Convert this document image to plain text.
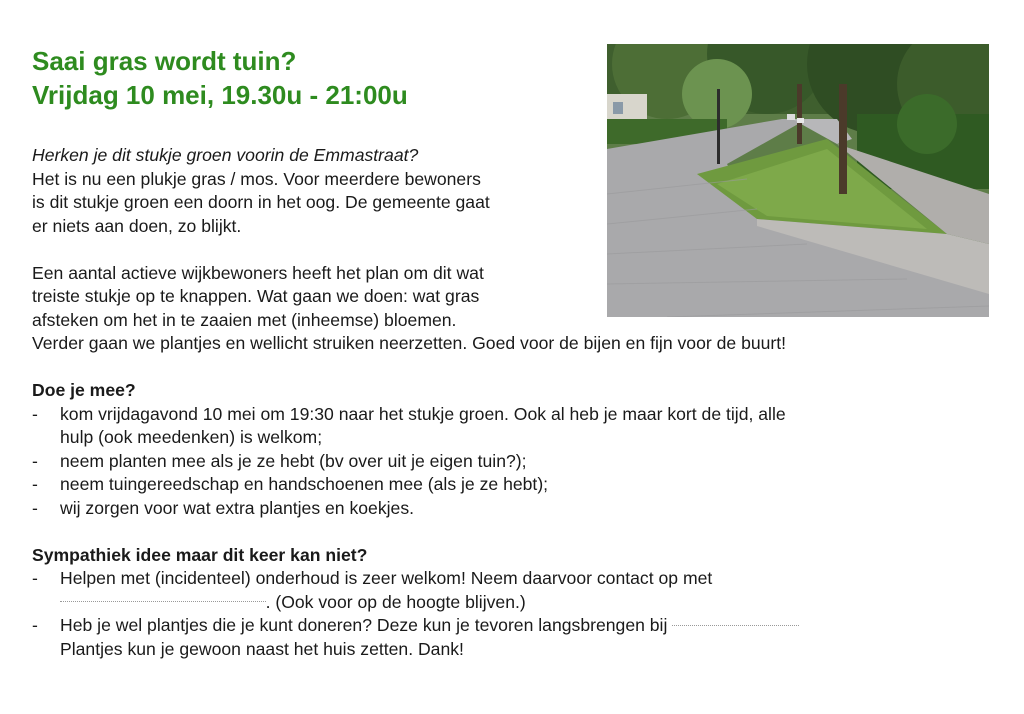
Saai gras wordt tuin?
Vrijdag 10 mei, 19.30u - 21:00u
Herken je dit stukje groen voorin de Emmastraat?
Het is nu een plukje gras / mos. Voor meerdere bewoners
is dit stukje groen een doorn in het oog. De gemeente gaat
er niets aan doen, zo blijkt.
Een aantal actieve wijkbewoners heeft het plan om dit wat
treiste stukje op te knappen. Wat gaan we doen: wat gras
afsteken om het in te zaaien met (inheemse) bloemen.
Verder gaan we plantjes en wellicht struiken neerzetten. Goed voor de bijen en fijn voor de buurt!
Doe je mee?
- kom vrijdagavond 10 mei om 19:30 naar het stukje groen. Ook al heb je maar kort de tijd, alle
hulp (ook meedenken) is welkom;
- neem planten mee als je ze hebt (bv over uit je eigen tuin?);
- neem tuingereedschap en handschoenen mee (als je ze hebt);
- wij zorgen voor wat extra plantjes en koekjes.
Sympathiek idee maar dit keer kan niet?
- Helpen met (incidenteel) onderhoud is zeer welkom! Neem daarvoor contact op met
. (Ook voor op de hoogte blijven.)
- Heb je wel plantjes die je kunt doneren? Deze kun je tevoren langsbrengen bij
Plantjes kun je gewoon naast het huis zetten. Dank!
